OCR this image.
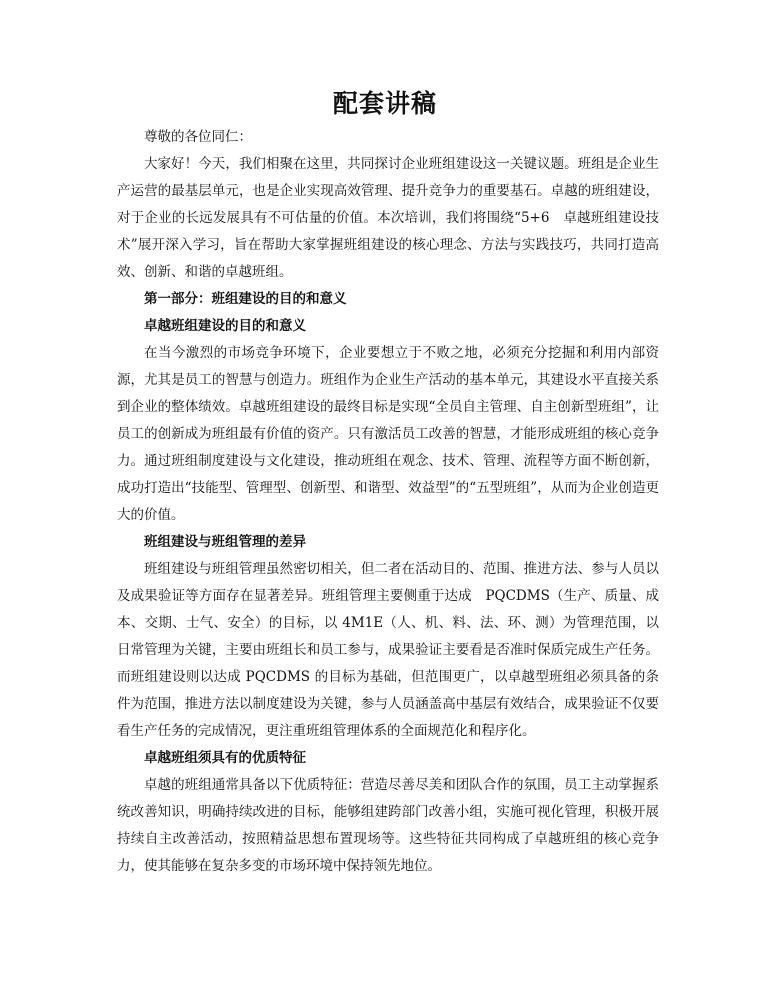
配套讲稿

尊敬的各位同仁：

大家好！今天，我们相聚在这里，共同探讨企业班组建设这一关键议题。班组是企业生产运营的最基层单元，也是企业实现高效管理、提升竞争力的重要基石。卓越的班组建设，对于企业的长远发展具有不可估量的价值。本次培训，我们将围绕“5+6　卓越班组建设技术”展开深入学习，旨在帮助大家掌握班组建设的核心理念、方法与实践技巧，共同打造高效、创新、和谐的卓越班组。

第一部分：班组建设的目的和意义

卓越班组建设的目的和意义

在当今激烈的市场竞争环境下，企业要想立于不败之地，必须充分挖掘和利用内部资源，尤其是员工的智慧与创造力。班组作为企业生产活动的基本单元，其建设水平直接关系到企业的整体绩效。卓越班组建设的最终目标是实现“全员自主管理、自主创新型班组”，让员工的创新成为班组最有价值的资产。只有激活员工改善的智慧，才能形成班组的核心竞争力。通过班组制度建设与文化建设，推动班组在观念、技术、管理、流程等方面不断创新，成功打造出“技能型、管理型、创新型、和谐型、效益型”的“五型班组”，从而为企业创造更大的价值。

班组建设与班组管理的差异

班组建设与班组管理虽然密切相关，但二者在活动目的、范围、推进方法、参与人员以及成果验证等方面存在显著差异。班组管理主要侧重于达成　PQCDMS（生产、质量、成本、交期、士气、安全）的目标，以 4M1E（人、机、料、法、环、测）为管理范围，以日常管理为关键，主要由班组长和员工参与，成果验证主要看是否准时保质完成生产任务。而班组建设则以达成 PQCDMS 的目标为基础，但范围更广，以卓越型班组必须具备的条件为范围，推进方法以制度建设为关键，参与人员涵盖高中基层有效结合，成果验证不仅要看生产任务的完成情况，更注重班组管理体系的全面规范化和程序化。

卓越班组须具有的优质特征

卓越的班组通常具备以下优质特征：营造尽善尽美和团队合作的氛围，员工主动掌握系统改善知识，明确持续改进的目标，能够组建跨部门改善小组，实施可视化管理，积极开展持续自主改善活动，按照精益思想布置现场等。这些特征共同构成了卓越班组的核心竞争力，使其能够在复杂多变的市场环境中保持领先地位。
